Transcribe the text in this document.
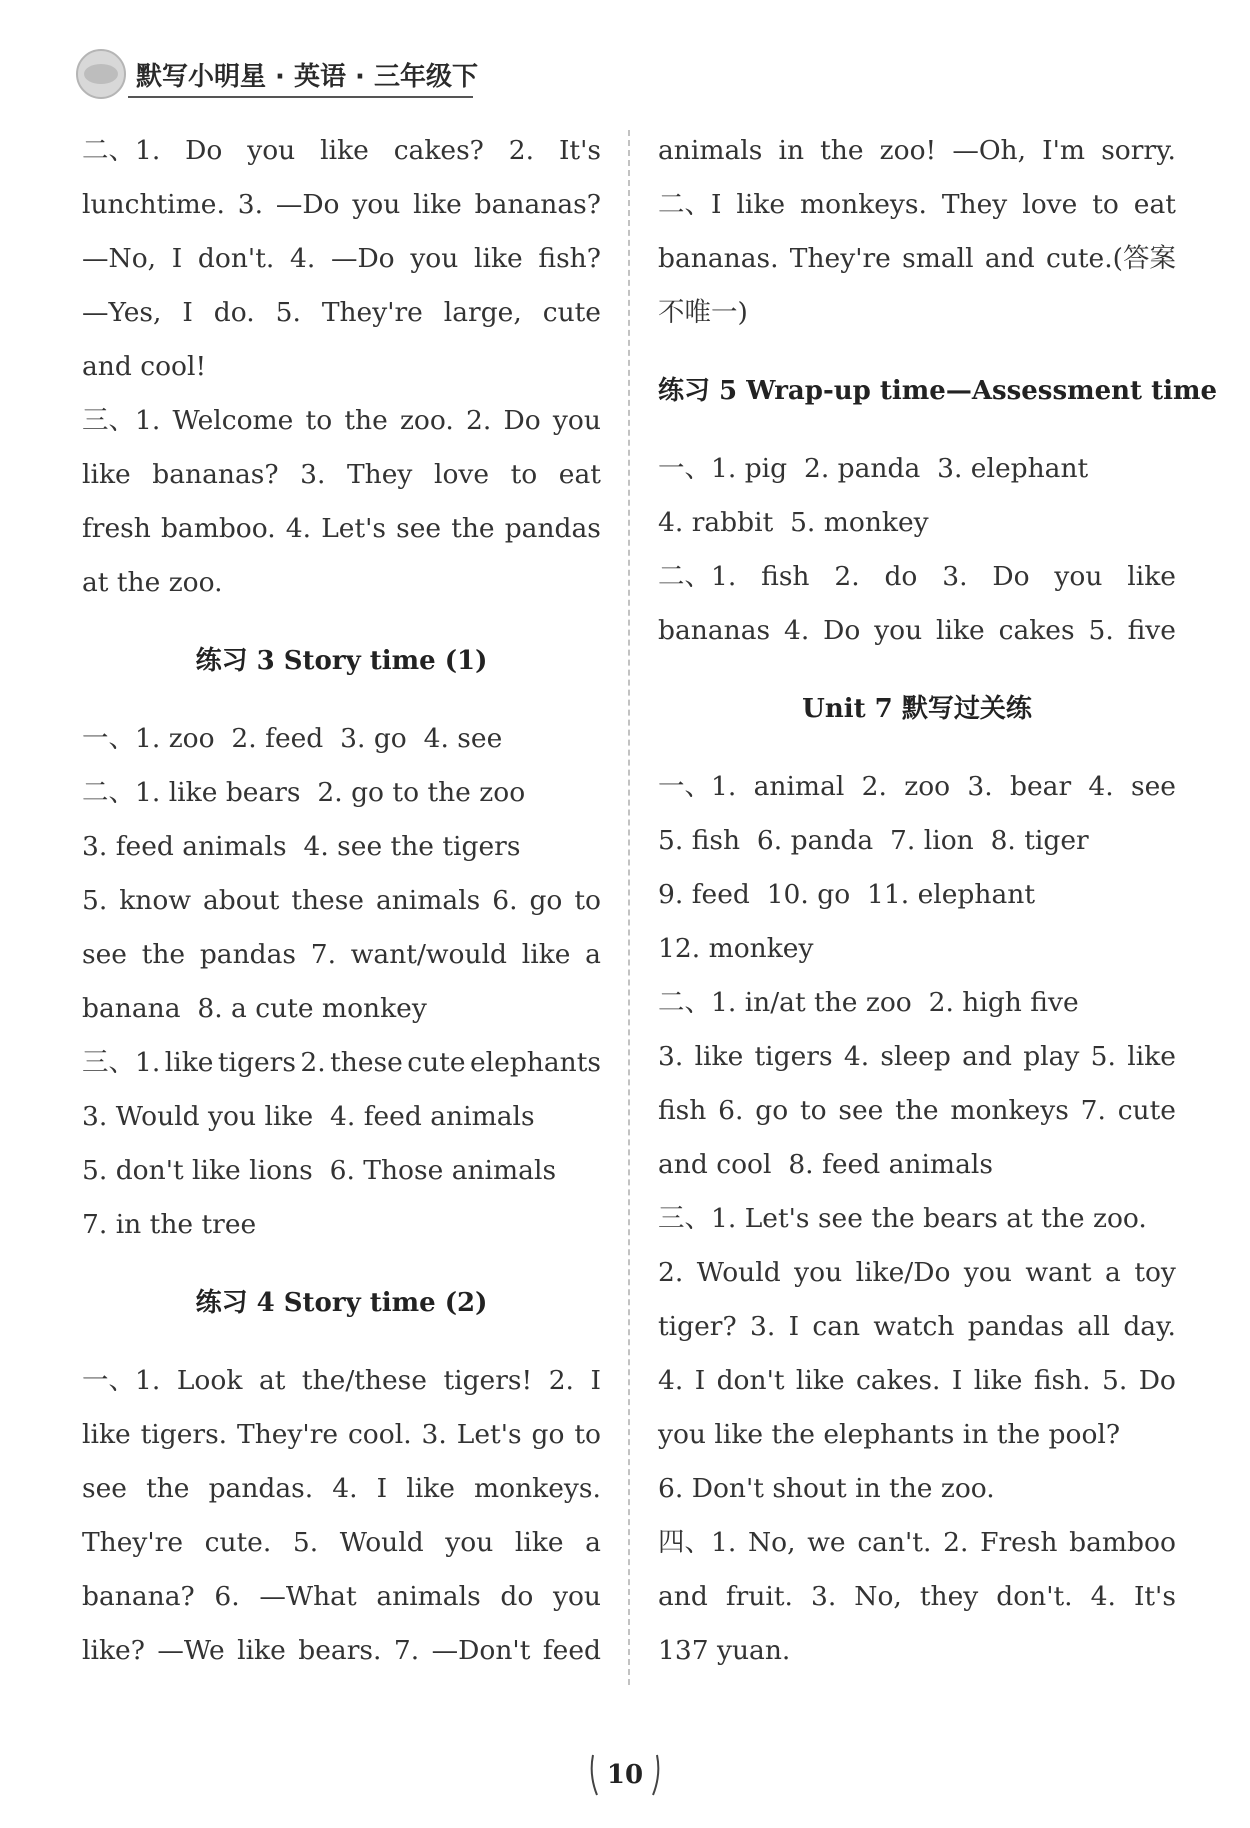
默写小明星 · 英语 · 三年级下
二、1. Do you like cakes? 2. It's
lunchtime. 3. —Do you like bananas?
—No, I don't. 4. —Do you like fish?
—Yes, I do. 5. They're large, cute
and cool!
三、1. Welcome to the zoo. 2. Do you
like bananas? 3. They love to eat
fresh bamboo. 4. Let's see the pandas
at the zoo.
练习 3 Story time (1)
一、1. zoo  2. feed  3. go  4. see
二、1. like bears  2. go to the zoo
3. feed animals  4. see the tigers
5. know about these animals 6. go to
see the pandas 7. want/would like a
banana  8. a cute monkey
三、1. like tigers 2. these cute elephants
3. Would you like  4. feed animals
5. don't like lions  6. Those animals
7. in the tree
练习 4 Story time (2)
一、1. Look at the/these tigers! 2. I
like tigers. They're cool. 3. Let's go to
see the pandas. 4. I like monkeys.
They're cute. 5. Would you like a
banana? 6. —What animals do you
like? —We like bears. 7. —Don't feed
animals in the zoo! —Oh, I'm sorry.
二、I like monkeys. They love to eat
bananas. They're small and cute.(答案
不唯一)
练习 5 Wrap-up time—Assessment time
一、1. pig  2. panda  3. elephant
4. rabbit  5. monkey
二、1. fish 2. do 3. Do you like
bananas 4. Do you like cakes 5. five
Unit 7 默写过关练
一、1. animal 2. zoo 3. bear 4. see
5. fish  6. panda  7. lion  8. tiger
9. feed  10. go  11. elephant
12. monkey
二、1. in/at the zoo  2. high five
3. like tigers 4. sleep and play 5. like
fish 6. go to see the monkeys 7. cute
and cool  8. feed animals
三、1. Let's see the bears at the zoo.
2. Would you like/Do you want a toy
tiger? 3. I can watch pandas all day.
4. I don't like cakes. I like fish. 5. Do
you like the elephants in the pool?
6. Don't shout in the zoo.
四、1. No, we can't. 2. Fresh bamboo
and fruit. 3. No, they don't. 4. It's
137 yuan.
10
